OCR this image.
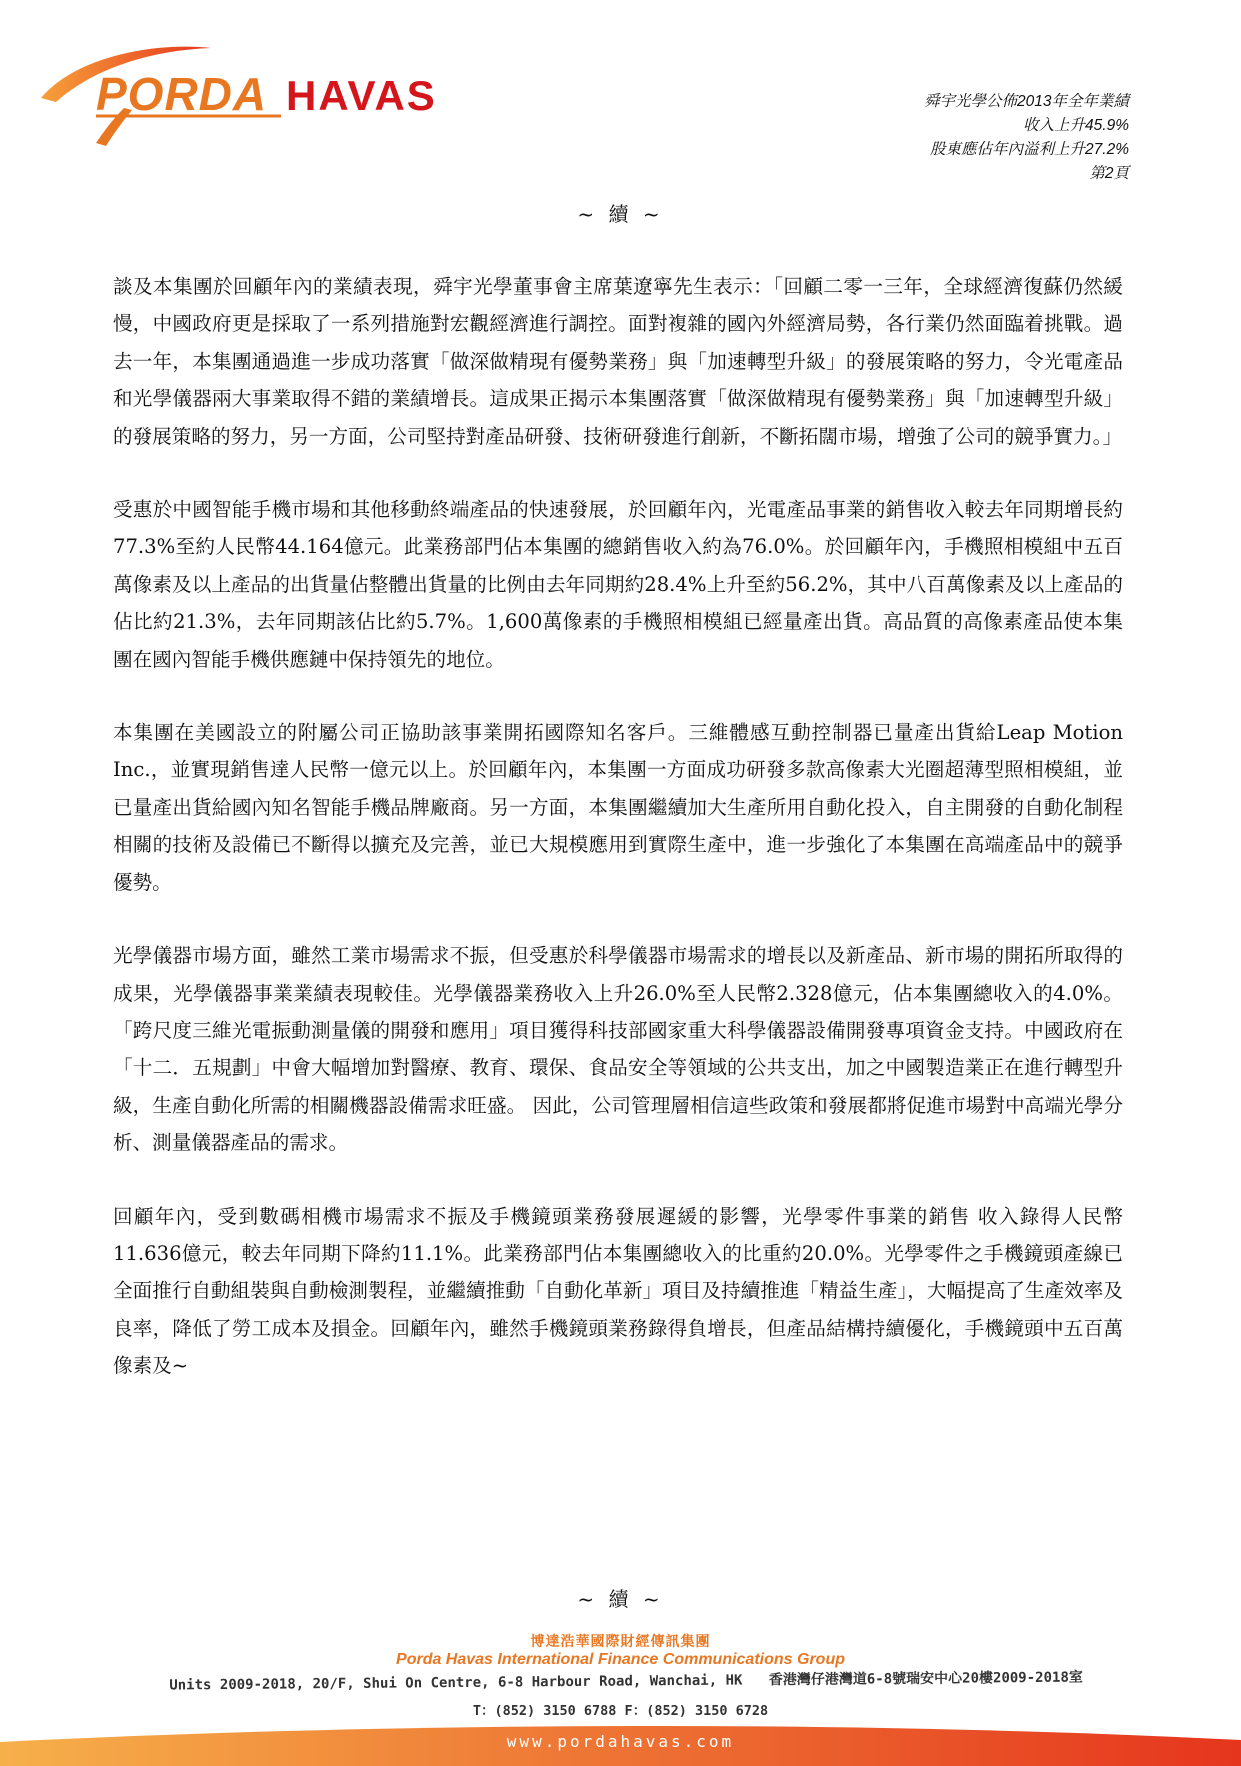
PORDA HAVAS	舜宇光學公佈2013年全年業績
收入上升45.9%
股東應佔年內溢利上升27.2%
第2頁
~ 續 ~

談及本集團於回顧年內的業績表現，舜宇光學董事會主席葉遼寧先生表示：「回顧二零一三年，全球經濟復蘇仍然緩慢，中國政府更是採取了一系列措施對宏觀經濟進行調控。面對複雜的國內外經濟局勢，各行業仍然面臨着挑戰。過去一年，本集團通過進一步成功落實「做深做精現有優勢業務」與「加速轉型升級」的發展策略的努力，令光電產品和光學儀器兩大事業取得不錯的業績增長。這成果正揭示本集團落實「做深做精現有優勢業務」與「加速轉型升級」的發展策略的努力，另一方面，公司堅持對產品研發、技術研發進行創新，不斷拓闊市場，增強了公司的競爭實力。」

受惠於中國智能手機市場和其他移動終端產品的快速發展，於回顧年內，光電產品事業的銷售收入較去年同期增長約77.3%至約人民幣44.164億元。此業務部門佔本集團的總銷售收入約為76.0%。於回顧年內，手機照相模組中五百萬像素及以上產品的出貨量佔整體出貨量的比例由去年同期約28.4%上升至約56.2%，其中八百萬像素及以上產品的佔比約21.3%，去年同期該佔比約5.7%。1,600萬像素的手機照相模組已經量產出貨。高品質的高像素產品使本集團在國內智能手機供應鏈中保持領先的地位。

本集團在美國設立的附屬公司正協助該事業開拓國際知名客戶。三維體感互動控制器已量產出貨給Leap Motion Inc.，並實現銷售達人民幣一億元以上。於回顧年內，本集團一方面成功研發多款高像素大光圈超薄型照相模組，並已量產出貨給國內知名智能手機品牌廠商。另一方面，本集團繼續加大生產所用自動化投入，自主開發的自動化制程相關的技術及設備已不斷得以擴充及完善，並已大規模應用到實際生產中，進一步強化了本集團在高端產品中的競爭優勢。

光學儀器市場方面，雖然工業市場需求不振，但受惠於科學儀器市場需求的增長以及新產品、新市場的開拓所取得的成果，光學儀器事業業績表現較佳。光學儀器業務收入上升26.0%至人民幣2.328億元，佔本集團總收入的4.0%。「跨尺度三維光電振動測量儀的開發和應用」項目獲得科技部國家重大科學儀器設備開發專項資金支持。中國政府在「十二．五規劃」中會大幅增加對醫療、教育、環保、食品安全等領域的公共支出，加之中國製造業正在進行轉型升級，生產自動化所需的相關機器設備需求旺盛。 因此，公司管理層相信這些政策和發展都將促進市場對中高端光學分析、測量儀器產品的需求。

回顧年內，受到數碼相機市場需求不振及手機鏡頭業務發展遲緩的影響，光學零件事業的銷售 收入錄得人民幣11.636億元，較去年同期下降約11.1%。此業務部門佔本集團總收入的比重約20.0%。光學零件之手機鏡頭產線已全面推行自動組裝與自動檢測製程，並繼續推動「自動化革新」項目及持續推進「精益生產」，大幅提高了生產效率及良率，降低了勞工成本及損金。回顧年內，雖然手機鏡頭業務錄得負增長，但產品結構持續優化，手機鏡頭中五百萬像素及~

~ 續 ~
博達浩華國際財經傳訊集團
Porda Havas International Finance Communications Group
Units 2009-2018, 20/F, Shui On Centre, 6-8 Harbour Road, Wanchai, HK 香港灣仔港灣道6-8號瑞安中心20樓2009-2018室
T：(852) 3150 6788 F：(852) 3150 6728
www.pordahavas.com
